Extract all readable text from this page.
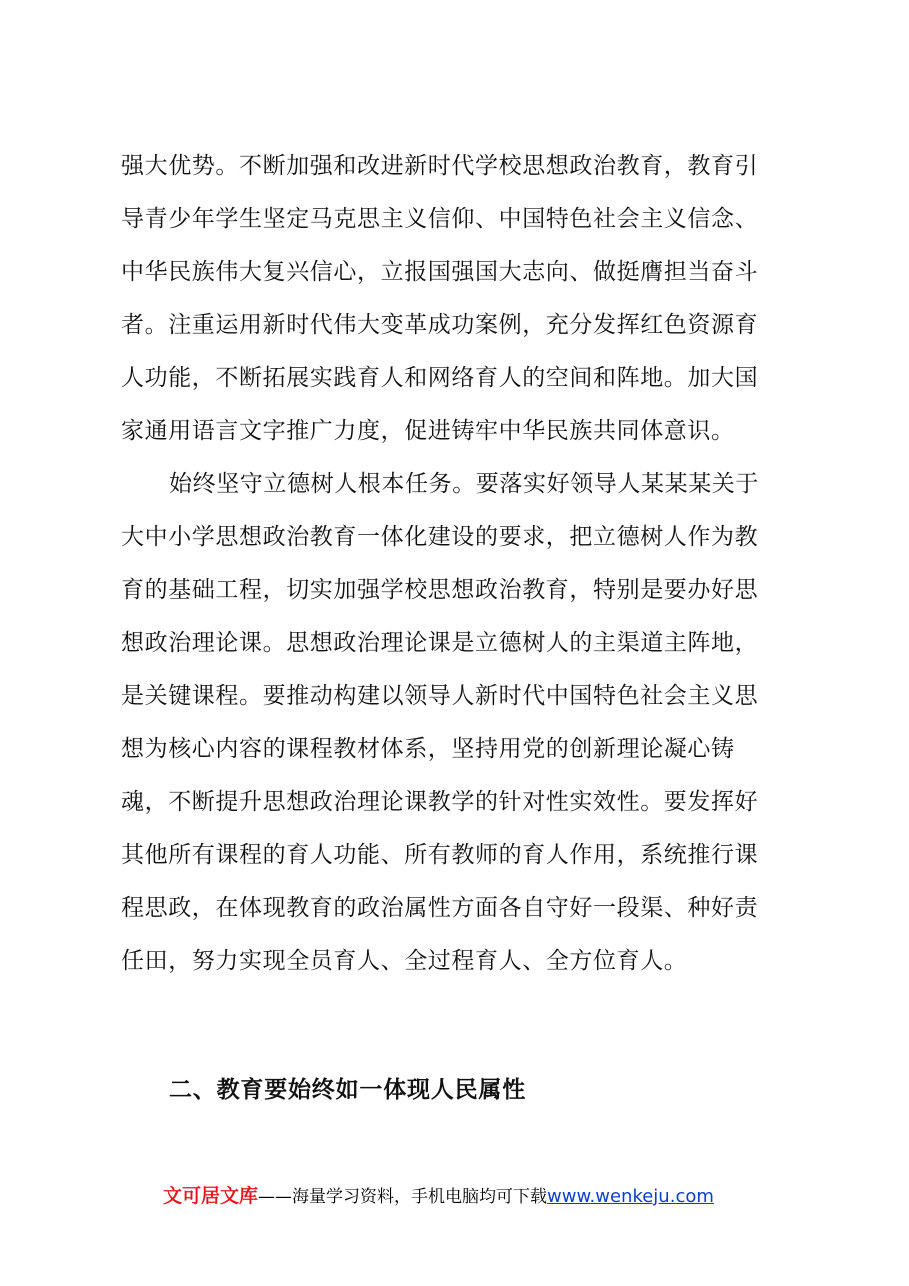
强大优势。不断加强和改进新时代学校思想政治教育，教育引
导青少年学生坚定马克思主义信仰、中国特色社会主义信念、
中华民族伟大复兴信心，立报国强国大志向、做挺膺担当奋斗
者。注重运用新时代伟大变革成功案例，充分发挥红色资源育
人功能，不断拓展实践育人和网络育人的空间和阵地。加大国
家通用语言文字推广力度，促进铸牢中华民族共同体意识。
始终坚守立德树人根本任务。要落实好领导人某某某关于
大中小学思想政治教育一体化建设的要求，把立德树人作为教
育的基础工程，切实加强学校思想政治教育，特别是要办好思
想政治理论课。思想政治理论课是立德树人的主渠道主阵地，
是关键课程。要推动构建以领导人新时代中国特色社会主义思
想为核心内容的课程教材体系，坚持用党的创新理论凝心铸
魂，不断提升思想政治理论课教学的针对性实效性。要发挥好
其他所有课程的育人功能、所有教师的育人作用，系统推行课
程思政，在体现教育的政治属性方面各自守好一段渠、种好责
任田，努力实现全员育人、全过程育人、全方位育人。
二、教育要始终如一体现人民属性
文可居文库——海量学习资料，手机电脑均可下载www.wenkeju.com
